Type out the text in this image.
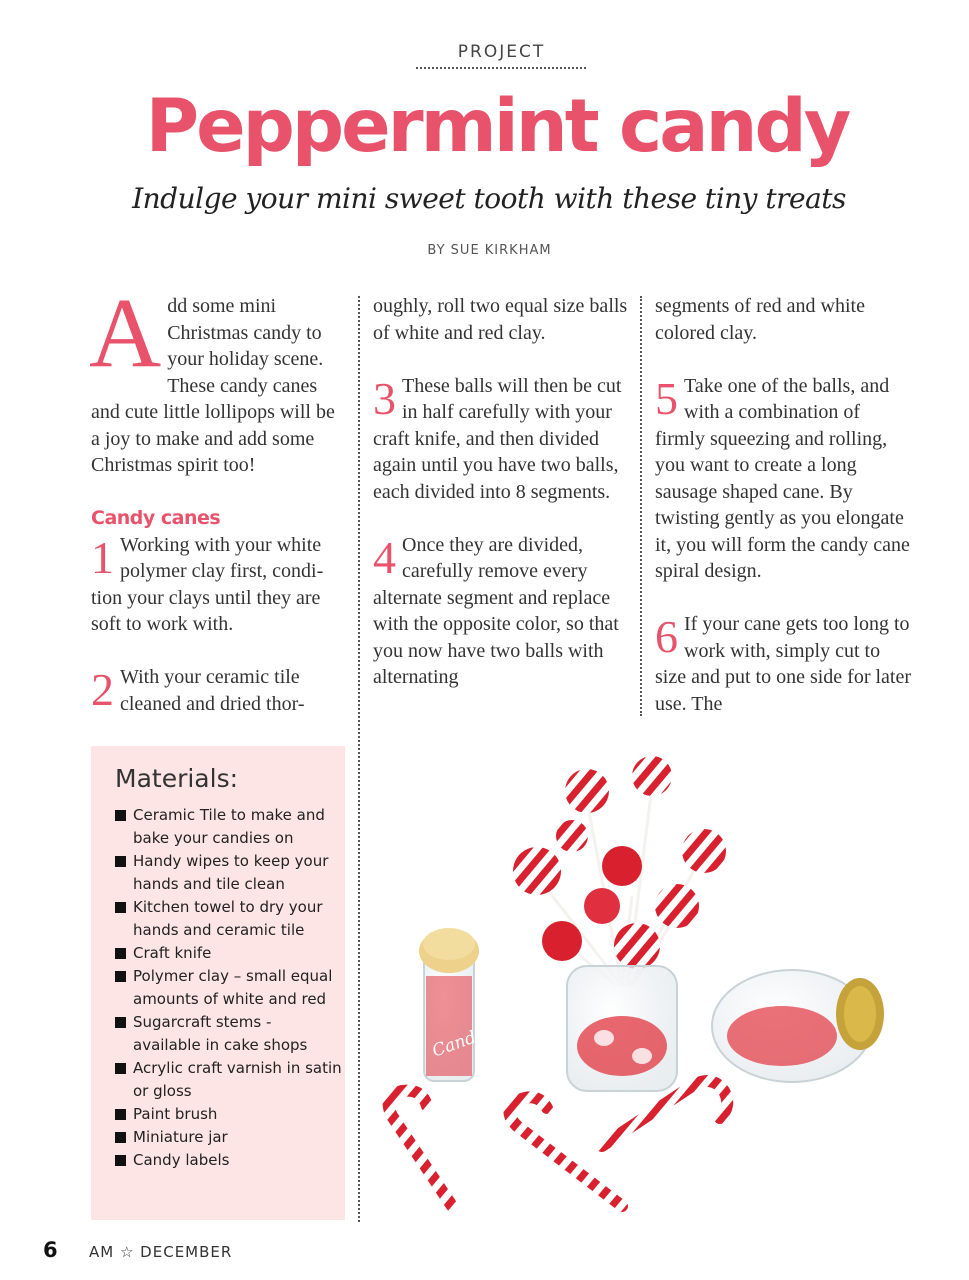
PROJECT
Peppermint candy
Indulge your mini sweet tooth with these tiny treats
BY SUE KIRKHAM

Add some mini Christmas candy to your holiday scene. These candy canes and cute little lollipops will be a joy to make and add some Christmas spirit too!

Candy canes

1 Working with your white polymer clay first, condi-tion your clays until they are soft to work with.

2 With your ceramic tile cleaned and dried thor-

oughly, roll two equal size balls of white and red clay.

3 These balls will then be cut in half carefully with your craft knife, and then divided again until you have two balls, each divided into 8 segments.

4 Once they are divided, carefully remove every alternate segment and replace with the opposite color, so that you now have two balls with alternating

segments of red and white colored clay.

5 Take one of the balls, and with a combination of firmly squeezing and rolling, you want to create a long sausage shaped cane. By twisting gently as you elongate it, you will form the candy cane spiral design.

6 If your cane gets too long to work with, simply cut to size and put to one side for later use. The

Materials:
Ceramic Tile to make and bake your candies on
Handy wipes to keep your hands and tile clean
Kitchen towel to dry your hands and ceramic tile
Craft knife
Polymer clay – small equal amounts of white and red
Sugarcraft stems - available in cake shops
Acrylic craft varnish in satin or gloss
Paint brush
Miniature jar
Candy labels
Candy Cane
6 AM ☆ DECEMBER
